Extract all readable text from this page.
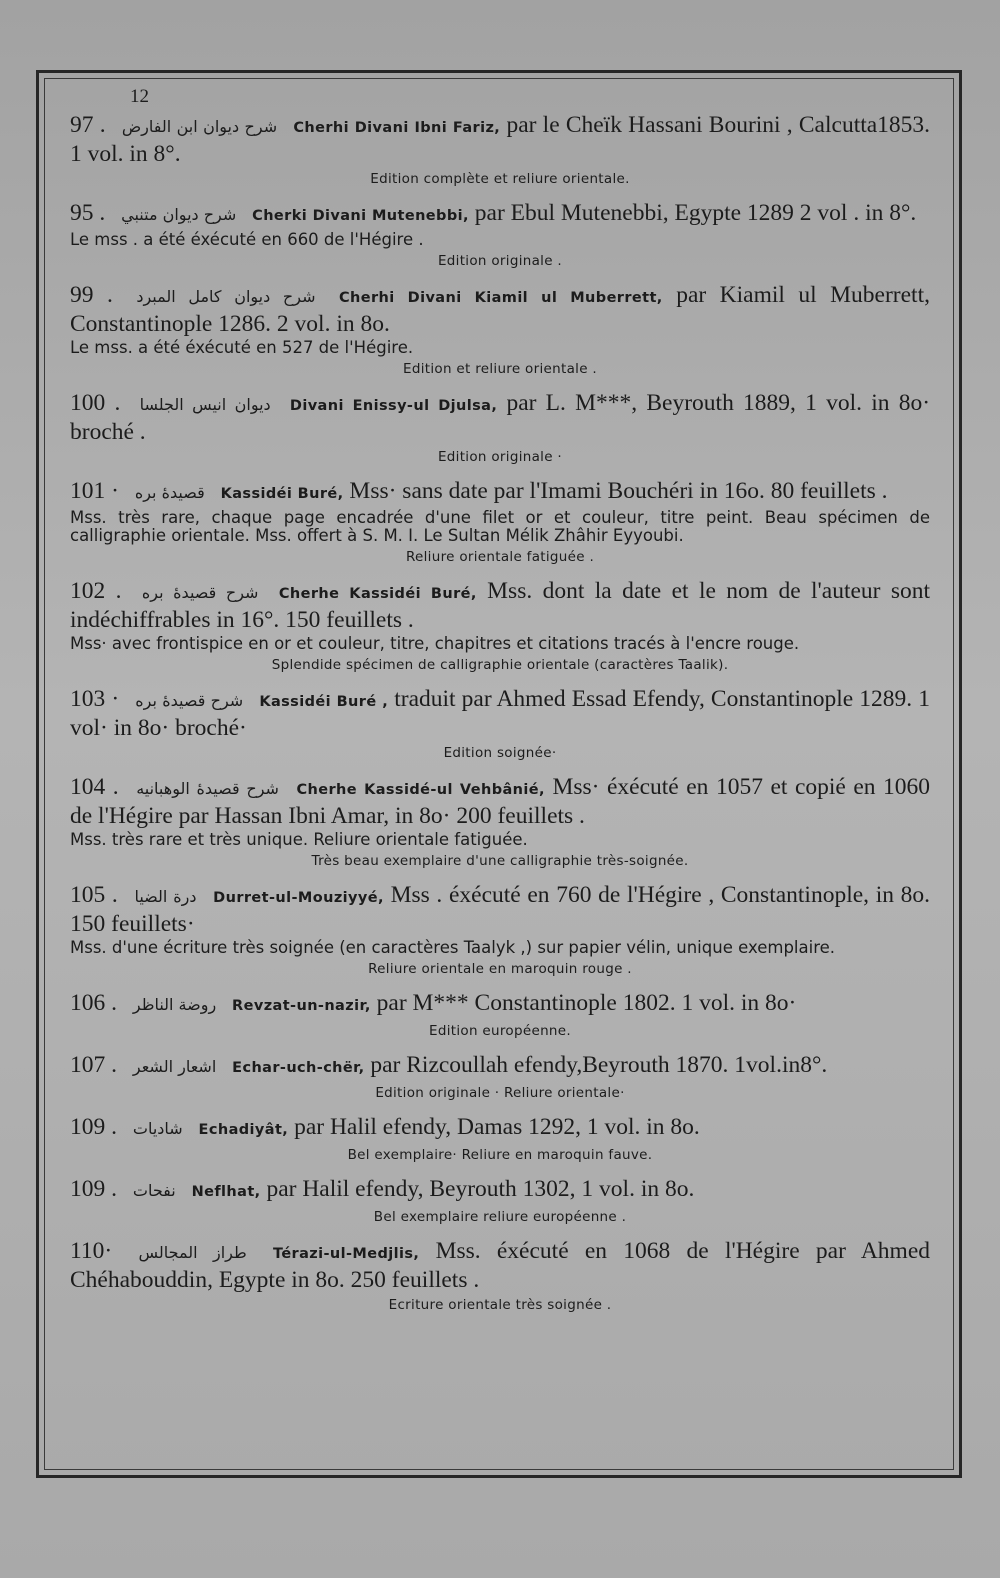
12
97 . شرح ديوان ابن الفارض Cherhi Divani Ibni Fariz, par le Cheïk Hassani Bourini , Calcutta1853. 1 vol. in 8°.
Edition complète et reliure orientale.
95 . شرح ديوان متنبي Cherki Divani Mutenebbi, par Ebul Mutenebbi, Egypte 1289 2 vol . in 8°.
Le mss . a été éxécuté en 660 de l'Hégire .
Edition originale .
99 . شرح ديوان كامل المبرد Cherhi Divani Kiamil ul Muberrett, par Kiamil ul Muberrett, Constantinople 1286. 2 vol. in 8o.
Le mss. a été éxécuté en 527 de l'Hégire.
Edition et reliure orientale .
100 . ديوان انيس الجلسا Divani Enissy-ul Djulsa, par L. M***, Beyrouth 1889, 1 vol. in 8o· broché .
Edition originale ·
101 · قصيدهٔ بره Kassidéi Buré, Mss· sans date par l'Imami Bouchéri in 16o. 80 feuillets .
Mss. très rare, chaque page encadrée d'une filet or et couleur, titre peint. Beau spécimen de calligraphie orientale. Mss. offert à S. M. I. Le Sultan Mélik Zhâhir Eyyoubi.
Reliure orientale fatiguée .
102 . شرح قصيدهٔ بره Cherhe Kassidéi Buré, Mss. dont la date et le nom de l'auteur sont indéchiffrables in 16°. 150 feuillets .
Mss· avec frontispice en or et couleur, titre, chapitres et citations tracés à l'encre rouge.
Splendide spécimen de calligraphie orientale (caractères Taalik).
103 · شرح قصيدهٔ بره Kassidéi Buré , traduit par Ahmed Essad Efendy, Constantinople 1289. 1 vol· in 8o· broché·
Edition soignée·
104 . شرح قصيدهٔ الوهبانيه Cherhe Kassidé-ul Vehbânié, Mss· éxécuté en 1057 et copié en 1060 de l'Hégire par Hassan Ibni Amar, in 8o· 200 feuillets .
Mss. très rare et très unique. Reliure orientale fatiguée.
Très beau exemplaire d'une calligraphie très-soignée.
105 . درة الضيا Durret-ul-Mouziyyé, Mss . éxécuté en 760 de l'Hégire , Constantinople, in 8o. 150 feuillets·
Mss. d'une écriture très soignée (en caractères Taalyk ,) sur papier vélin, unique exemplaire.
Reliure orientale en maroquin rouge .
106 . روضة الناظر Revzat-un-nazir, par M*** Constantinople 1802. 1 vol. in 8o·
Edition européenne.
107 . اشعار الشعر Echar-uch-chër, par Rizcoullah efendy,Beyrouth 1870. 1vol.in8°.
Edition originale · Reliure orientale·
109 . شاديات Echadiyât, par Halil efendy, Damas 1292, 1 vol. in 8o.
Bel exemplaire· Reliure en maroquin fauve.
109 . نفحات Neflhat, par Halil efendy, Beyrouth 1302, 1 vol. in 8o.
Bel exemplaire reliure européenne .
110· طراز المجالس Térazi-ul-Medjlis, Mss. éxécuté en 1068 de l'Hégire par Ahmed Chéhabouddin, Egypte in 8o. 250 feuillets .
Ecriture orientale très soignée .
